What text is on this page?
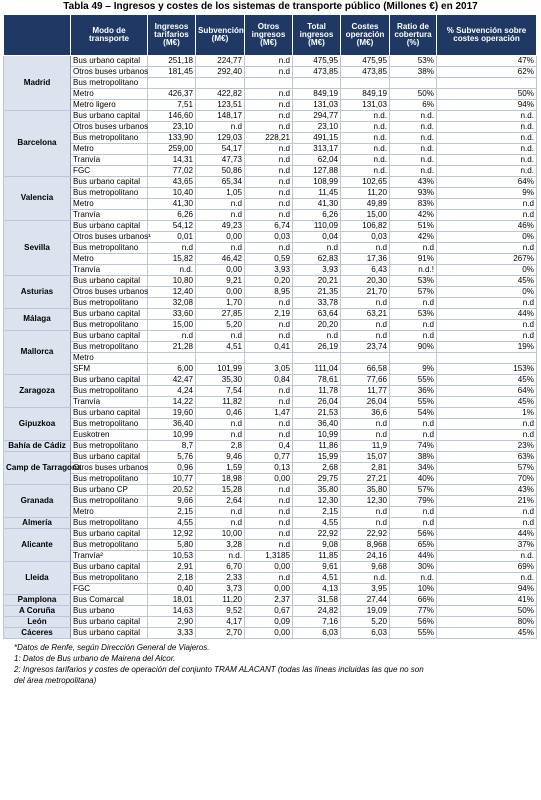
Tabla 49 – Ingresos y costes de los sistemas de transporte público (Millones €) en 2017
	Modo de transporte	Ingresos tarifarios (M€)	Subvención (M€)	Otros ingresos (M€)	Total ingresos (M€)	Costes operación (M€)	Ratio de cobertura (%)	% Subvención sobre costes operación
Madrid	Bus urbano capital	251,18	224,77	n.d	475,95	475,95	53%	47%
	Otros buses urbanos	181,45	292,40	n.d	473,85	473,85	38%	62%
	Bus metropolitano							
	Metro	426,37	422,82	n.d	849,19	849,19	50%	50%
	Metro ligero	7,51	123,51	n.d	131,03	131,03	6%	94%
Barcelona	Bus urbano capital	146,60	148,17	n.d	294,77	n.d.	n.d.	n.d.
	Otros buses urbanos	23,10	n.d	n.d	23,10	n.d.	n.d.	n.d.
	Bus metropolitano	133,90	129,03	228,21	491,15	n.d.	n.d.	n.d.
	Metro	259,00	54,17	n.d	313,17	n.d.	n.d.	n.d.
	Tranvía	14,31	47,73	n.d	62,04	n.d.	n.d.	n.d.
	FGC	77,02	50,86	n.d	127,88	n.d.	n.d.	n.d.
Valencia	Bus urbano capital	43,65	65,34	n.d	108,99	102,65	43%	64%
	Bus metropolitano	10,40	1,05	n.d	11,45	11,20	93%	9%
	Metro	41,30	n.d	n.d	41,30	49,89	83%	n.d
	Tranvía	6,26	n.d	n.d	6,26	15,00	42%	n.d
Sevilla	Bus urbano capital	54,12	49,23	6,74	110,09	106,82	51%	46%
	Otros buses urbanos¹	0,01	0,00	0,03	0,04	0,03	42%	0%
	Bus metropolitano	n.d	n.d	n.d	n.d	n.d	n.d	n.d
	Metro	15,82	46,42	0,59	62,83	17,36	91%	267%
	Tranvía	n.d.	0,00	3,93	3,93	6,43	n.d.!	0%
Asturias	Bus urbano capital	10,80	9,21	0,20	20,21	20,30	53%	45%
	Otros buses urbanos	12,40	0,00	8,95	21,35	21,70	57%	0%
	Bus metropolitano	32,08	1,70	n.d	33,78	n.d	n.d	n.d
Málaga	Bus urbano capital	33,60	27,85	2,19	63,64	63,21	53%	44%
	Bus metropolitano	15,00	5,20	n.d	20,20	n.d	n.d	n.d
Mallorca	Bus urbano capital	n.d	n.d	n.d	n.d	n.d	n.d	n.d
	Bus metropolitano	21,28	4,51	0,41	26,19	23,74	90%	19%
	Metro							
	SFM	6,00	101,99	3,05	111,04	66,58	9%	153%
Zaragoza	Bus urbano capital	42,47	35,30	0,84	78,61	77,66	55%	45%
	Bus metropolitano	4,24	7,54	n.d	11,78	11,77	36%	64%
	Tranvía	14,22	11,82	n.d	26,04	26,04	55%	45%
Gipuzkoa	Bus urbano capital	19,60	0,46	1,47	21,53	36,6	54%	1%
	Bus metropolitano	36,40	n.d	n.d	36,40	n.d	n.d	n.d
	Euskotren	10,99	n.d	n.d	10,99	n.d	n.d	n.d
Bahía de Cádiz	Bus metropolitano	8,7	2,8	0,4	11,86	11,9	74%	23%
Camp de Tarragona	Bus urbano capital	5,76	9,46	0,77	15,99	15,07	38%	63%
	Otros buses urbanos	0,96	1,59	0,13	2,68	2,81	34%	57%
	Bus metropolitano	10,77	18,98	0,00	29,75	27,21	40%	70%
Granada	Bus urbano CP	20,52	15,28	n.d	35,80	35,80	57%	43%
	Bus metropolitano	9,66	2,64	n.d	12,30	12,30	79%	21%
	Metro	2,15	n.d	n.d	2,15	n.d	n.d	n.d
Almería	Bus metropolitano	4,55	n.d	n.d	4,55	n.d	n.d	n.d
Alicante	Bus urbano capital	12,92	10,00	n.d	22,92	22,92	56%	44%
	Bus metropolitano	5,80	3,28	n.d	9,08	8,968	65%	37%
	Tranvía²	10,53	n.d.	1,3185	11,85	24,16	44%	n.d.
Lleida	Bus urbano capital	2,91	6,70	0,00	9,61	9,68	30%	69%
	Bus metropolitano	2,18	2,33	n.d	4,51	n.d.	n.d.	n.d.
	FGC	0,40	3,73	0,00	4,13	3,95	10%	94%
Pamplona	Bus Comarcal	18,01	11,20	2,37	31,58	27,44	66%	41%
A Coruña	Bus urbano	14,63	9,52	0,67	24,82	19,09	77%	50%
León	Bus urbano capital	2,90	4,17	0,09	7,16	5,20	56%	80%
Cáceres	Bus urbano capital	3,33	2,70	0,00	6,03	6,03	55%	45%
*Datos de Renfe, según Dirección General de Viajeros.
1: Datos de Bus urbano de Mairena del Alcor.
2: Ingresos tarifarios y costes de operación del conjunto TRAM ALACANT (todas las líneas incluidas las que no son
del área metropolitana)
